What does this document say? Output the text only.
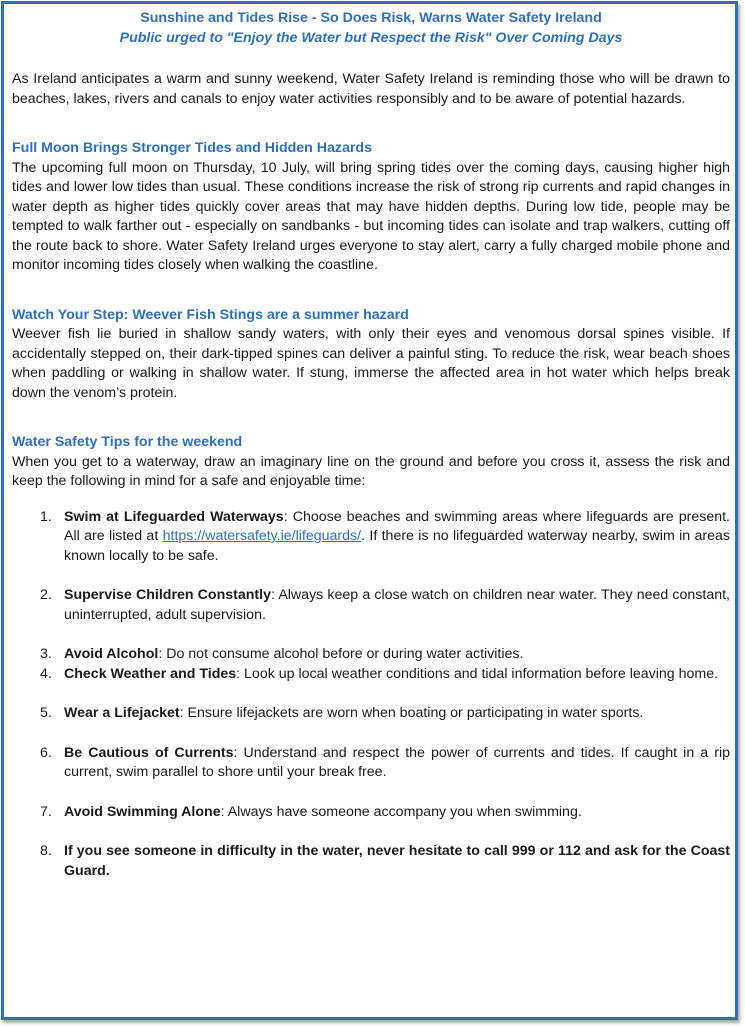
Sunshine and Tides Rise - So Does Risk, Warns Water Safety Ireland
Public urged to "Enjoy the Water but Respect the Risk" Over Coming Days

As Ireland anticipates a warm and sunny weekend, Water Safety Ireland is reminding those who will be drawn to beaches, lakes, rivers and canals to enjoy water activities responsibly and to be aware of potential hazards.

Full Moon Brings Stronger Tides and Hidden Hazards

The upcoming full moon on Thursday, 10 July, will bring spring tides over the coming days, causing higher high tides and lower low tides than usual. These conditions increase the risk of strong rip currents and rapid changes in water depth as higher tides quickly cover areas that may have hidden depths. During low tide, people may be tempted to walk farther out - especially on sandbanks - but incoming tides can isolate and trap walkers, cutting off the route back to shore. Water Safety Ireland urges everyone to stay alert, carry a fully charged mobile phone and monitor incoming tides closely when walking the coastline.

Watch Your Step: Weever Fish Stings are a summer hazard

Weever fish lie buried in shallow sandy waters, with only their eyes and venomous dorsal spines visible. If accidentally stepped on, their dark-tipped spines can deliver a painful sting. To reduce the risk, wear beach shoes when paddling or walking in shallow water. If stung, immerse the affected area in hot water which helps break down the venom’s protein.

Water Safety Tips for the weekend

When you get to a waterway, draw an imaginary line on the ground and before you cross it, assess the risk and keep the following in mind for a safe and enjoyable time:

1. Swim at Lifeguarded Waterways: Choose beaches and swimming areas where lifeguards are present. All are listed at https://watersafety.ie/lifeguards/. If there is no lifeguarded waterway nearby, swim in areas known locally to be safe.
2. Supervise Children Constantly: Always keep a close watch on children near water. They need constant, uninterrupted, adult supervision.
3. Avoid Alcohol: Do not consume alcohol before or during water activities.
4. Check Weather and Tides: Look up local weather conditions and tidal information before leaving home.
5. Wear a Lifejacket: Ensure lifejackets are worn when boating or participating in water sports.
6. Be Cautious of Currents: Understand and respect the power of currents and tides. If caught in a rip current, swim parallel to shore until your break free.
7. Avoid Swimming Alone: Always have someone accompany you when swimming.
8. If you see someone in difficulty in the water, never hesitate to call 999 or 112 and ask for the Coast Guard.
